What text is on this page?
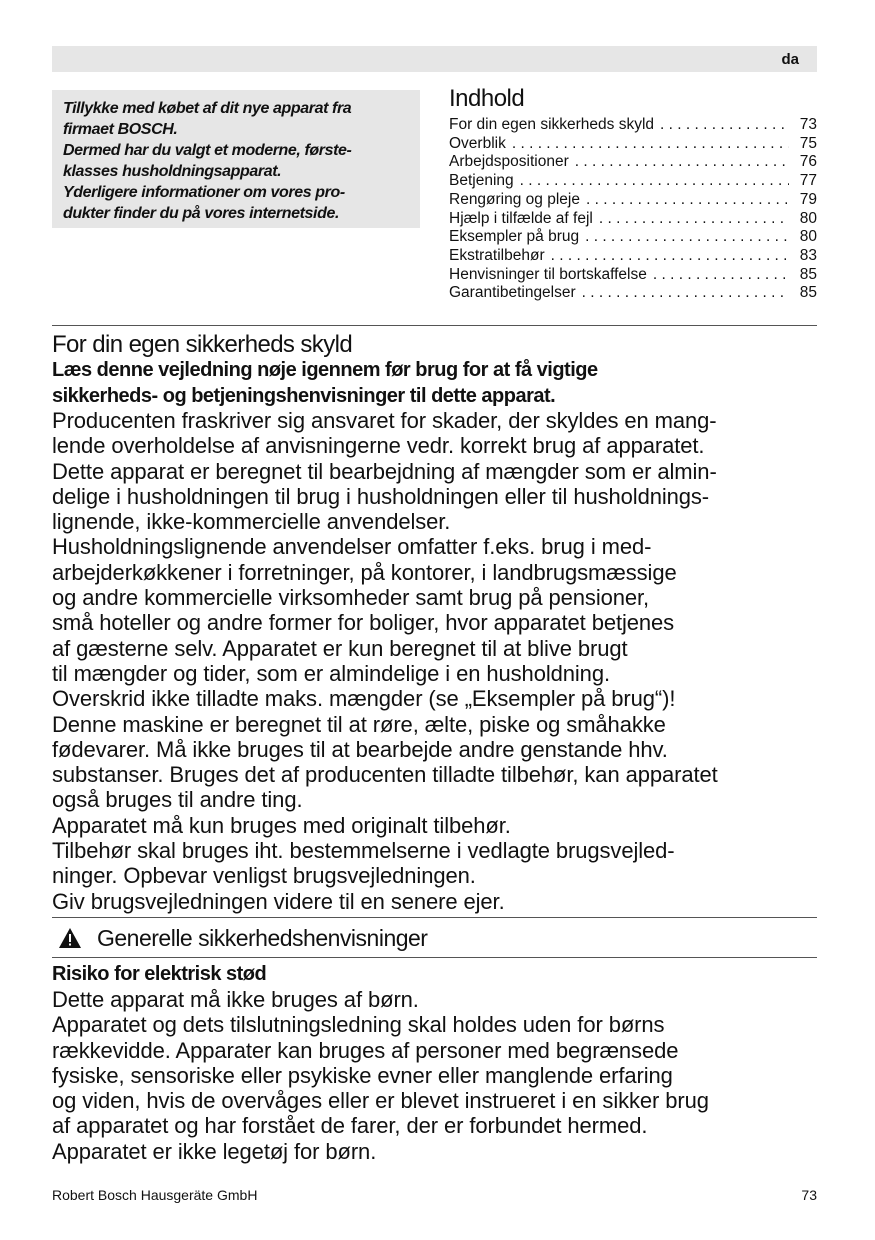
da

Tillykke med købet af dit nye apparat fra

firmaet BOSCH.

Dermed har du valgt et moderne, første-

klasses husholdningsapparat.

Yderligere informationer om vores pro-

dukter finder du på vores internetside.

Indhold
For din egen sikkerheds skyld . . .	73
Overblik . . .	75
Arbejdspositioner . . .	76
Betjening . . .	77
Rengøring og pleje . . .	79
Hjælp i tilfælde af fejl . . .	80
Eksempler på brug . . .	80
Ekstratilbehør . . .	83
Henvisninger til bortskaffelse . . .	85
Garantibetingelser . . .	85
For din egen sikkerheds skyld

Læs denne vejledning nøje igennem før brug for at få vigtige
sikkerheds- og betjeningshenvisninger til dette apparat.

Producenten fraskriver sig ansvaret for skader, der skyldes en mang-
lende overholdelse af anvisningerne vedr. korrekt brug af apparatet.
Dette apparat er beregnet til bearbejdning af mængder som er almin-
delige i husholdningen til brug i husholdningen eller til husholdnings-
lignende, ikke-kommercielle anvendelser.
Husholdningslignende anvendelser omfatter f.eks. brug i med-
arbejderkøkkener i forretninger, på kontorer, i landbrugsmæssige
og andre kommercielle virksomheder samt brug på pensioner,
små hoteller og andre former for boliger, hvor apparatet betjenes
af gæsterne selv. Apparatet er kun beregnet til at blive brugt
til mængder og tider, som er almindelige i en husholdning.
Overskrid ikke tilladte maks. mængder (se „Eksempler på brug“)!
Denne maskine er beregnet til at røre, ælte, piske og småhakke
fødevarer. Må ikke bruges til at bearbejde andre genstande hhv.
substanser. Bruges det af producenten tilladte tilbehør, kan apparatet
også bruges til andre ting.
Apparatet må kun bruges med originalt tilbehør.
Tilbehør skal bruges iht. bestemmelserne i vedlagte brugsvejled-
ninger. Opbevar venligst brugsvejledningen.
Giv brugsvejledningen videre til en senere ejer.

Generelle sikkerhedshenvisninger
Risiko for elektrisk stød

Dette apparat må ikke bruges af børn.
Apparatet og dets tilslutningsledning skal holdes uden for børns
rækkevidde. Apparater kan bruges af personer med begrænsede
fysiske, sensoriske eller psykiske evner eller manglende erfaring
og viden, hvis de overvåges eller er blevet instrueret i en sikker brug
af apparatet og har forstået de farer, der er forbundet hermed.
Apparatet er ikke legetøj for børn.

Robert Bosch Hausgeräte GmbH	73
